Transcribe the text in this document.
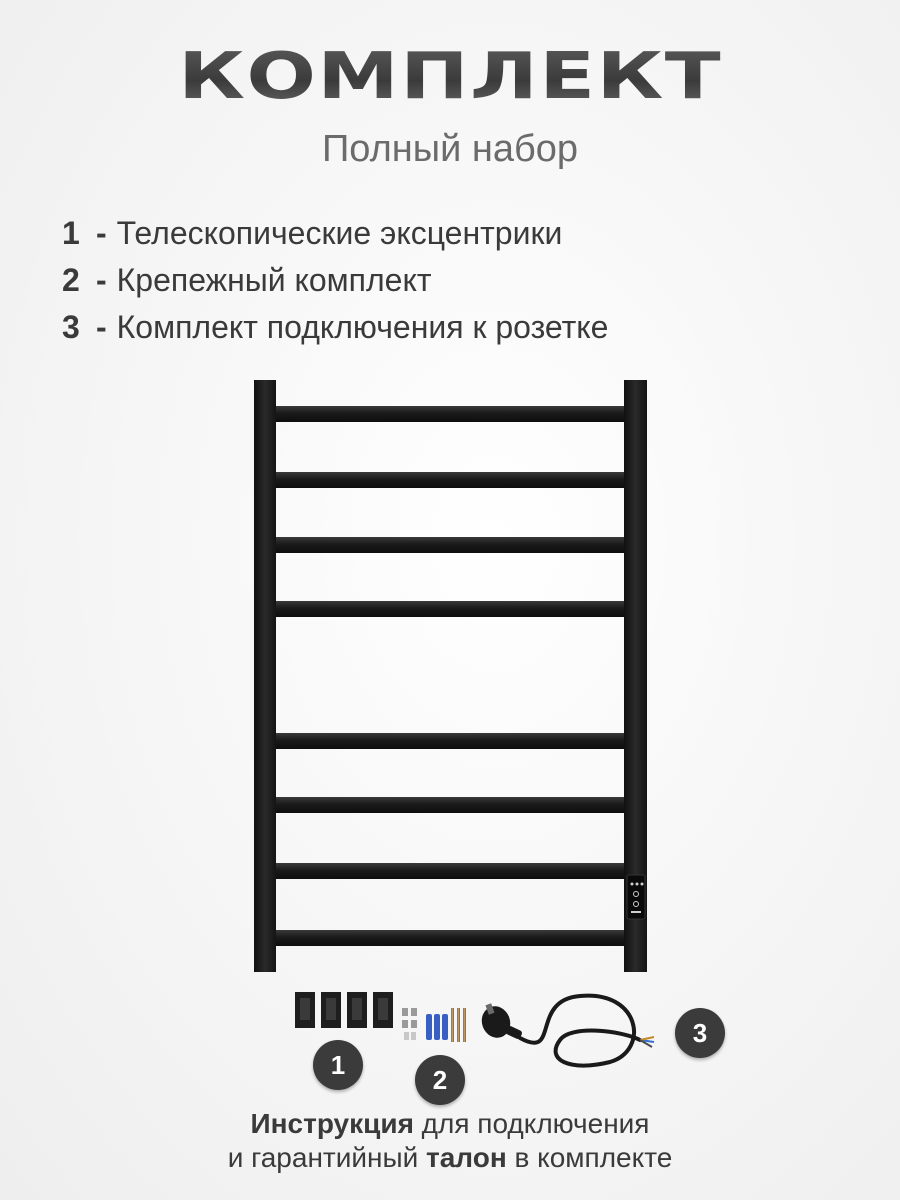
КОМПЛЕКТ
Полный набор
1 - Телескопические эксцентрики
2 - Крепежный комплект
3 - Комплект подключения к розетке
1	2
3
Инструкция для подключения
и гарантийный талон в комплекте
